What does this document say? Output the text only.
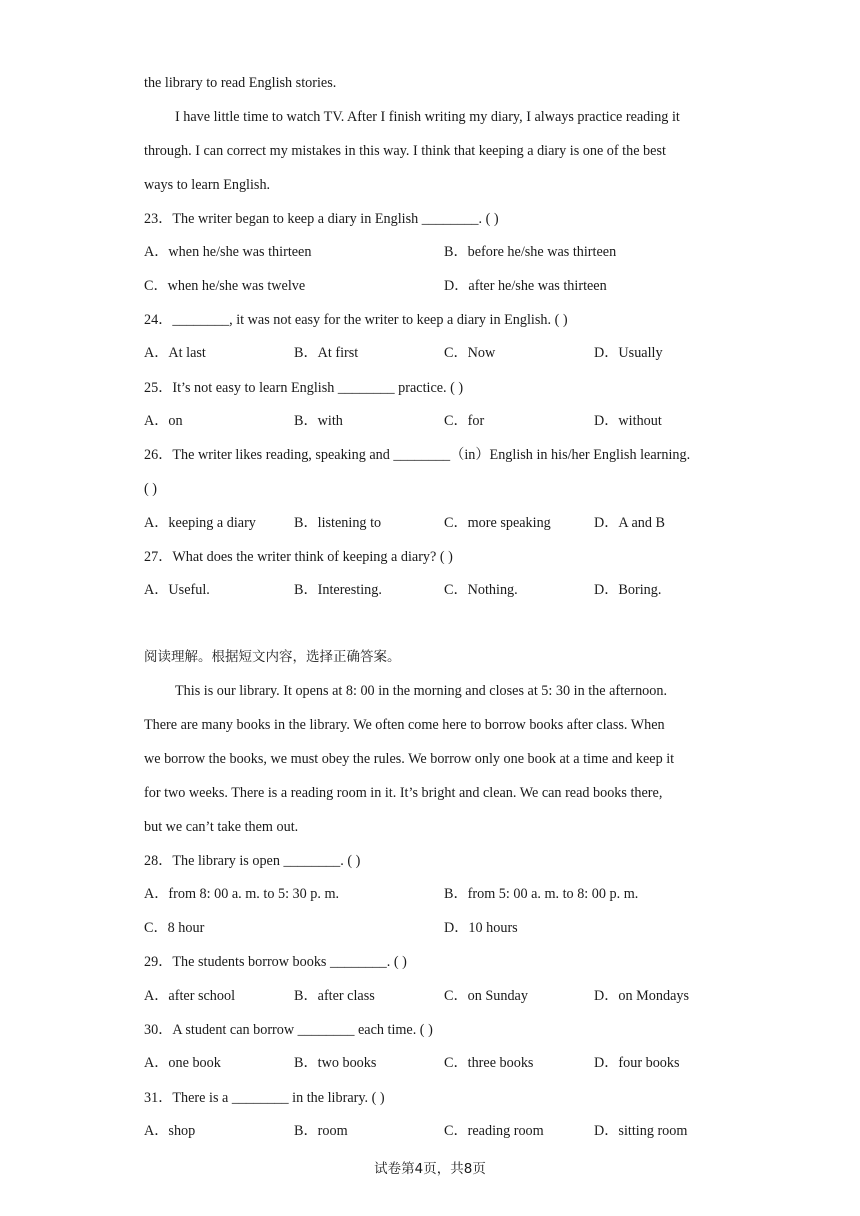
the library to read English stories.
I have little time to watch TV. After I finish writing my diary, I always practice reading it
through. I can correct my mistakes in this way. I think that keeping a diary is one of the best
ways to learn English.
23．The writer began to keep a diary in English ________. ( )
A．when he/she was thirteen	B．before he/she was thirteen
C．when he/she was twelve	D．after he/she was thirteen
24．________, it was not easy for the writer to keep a diary in English. ( )
A．At last	B．At first	C．Now	D．Usually
25．It’s not easy to learn English ________ practice. ( )
A．on	B．with	C．for	D．without
26．The writer likes reading, speaking and ________（in）English in his/her English learning.
( )
A．keeping a diary	B．listening to	C．more speaking	D．A and B
27．What does the writer think of keeping a diary? ( )
A．Useful.	B．Interesting.	C．Nothing.	D．Boring.
阅读理解。根据短文内容，选择正确答案。
This is our library. It opens at 8: 00 in the morning and closes at 5: 30 in the afternoon.
There are many books in the library. We often come here to borrow books after class. When
we borrow the books, we must obey the rules. We borrow only one book at a time and keep it
for two weeks. There is a reading room in it. It’s bright and clean. We can read books there,
but we can’t take them out.
28．The library is open ________. ( )
A．from 8: 00 a. m. to 5: 30 p. m.	B．from 5: 00 a. m. to 8: 00 p. m.
C．8 hour	D．10 hours
29．The students borrow books ________. ( )
A．after school	B．after class	C．on Sunday	D．on Mondays
30．A student can borrow ________ each time. ( )
A．one book	B．two books	C．three books	D．four books
31．There is a ________ in the library. ( )
A．shop	B．room	C．reading room	D．sitting room
试卷第4页，共8页
